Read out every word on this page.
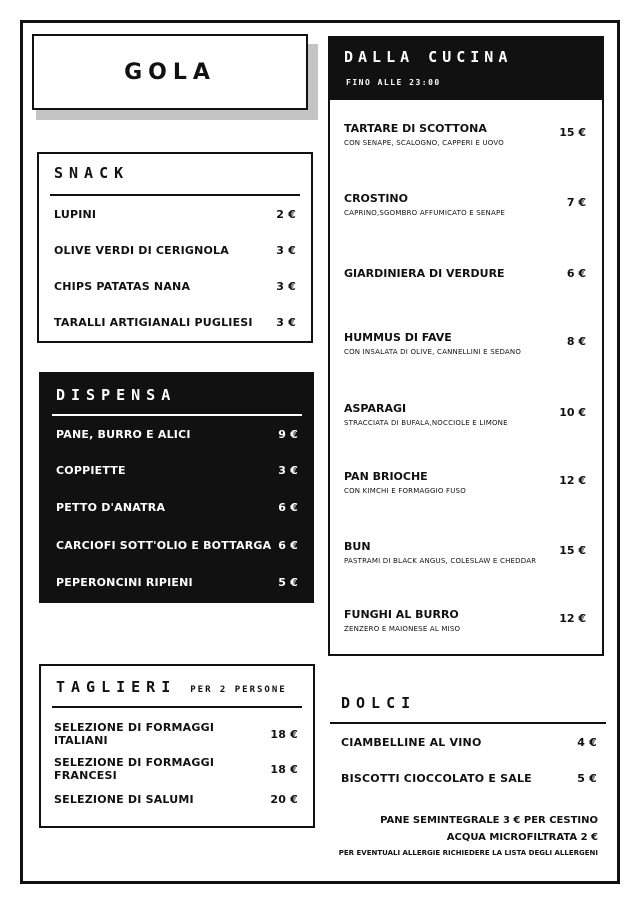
GOLA
SNACK
LUPINI	2 €
OLIVE VERDI DI CERIGNOLA	3 €
CHIPS PATATAS NANA	3 €
TARALLI ARTIGIANALI PUGLIESI 3 €
DISPENSA
PANE, BURRO E ALICI	9 €
COPPIETTE	3 €
PETTO D'ANATRA	6 €
CARCIOFI SOTT'OLIO E BOTTARGA 6 €
PEPERONCINI RIPIENI	5 €
TAGLIERI PER 2 PERSONE
SELEZIONE DI FORMAGGI ITALIANI	18 €
SELEZIONE DI FORMAGGI FRANCESI	18 €
SELEZIONE DI SALUMI	20 €
DALLA CUCINA
FINO ALLE 23:00
TARTARE DI SCOTTONA
CON SENAPE, SCALOGNO, CAPPERI E UOVO
15 €
CROSTINO
CAPRINO,SGOMBRO AFFUMICATO E SENAPE
7 €
GIARDINIERA DI VERDURE	6 €
HUMMUS DI FAVE
CON INSALATA DI OLIVE, CANNELLINI E SEDANO
8 €
ASPARAGI
STRACCIATA DI BUFALA,NOCCIOLE E LIMONE
10 €
PAN BRIOCHE
CON KIMCHI E FORMAGGIO FUSO
12 €
BUN
PASTRAMI DI BLACK ANGUS, COLESLAW E CHEDDAR
15 €
FUNGHI AL BURRO
ZENZERO E MAIONESE AL MISO
12 €
DOLCI
CIAMBELLINE AL VINO	4 €
BISCOTTI CIOCCOLATO E SALE	5 €
PANE SEMINTEGRALE 3 € PER CESTINO
ACQUA MICROFILTRATA 2 €
PER EVENTUALI ALLERGIE RICHIEDERE LA LISTA DEGLI ALLERGENI
